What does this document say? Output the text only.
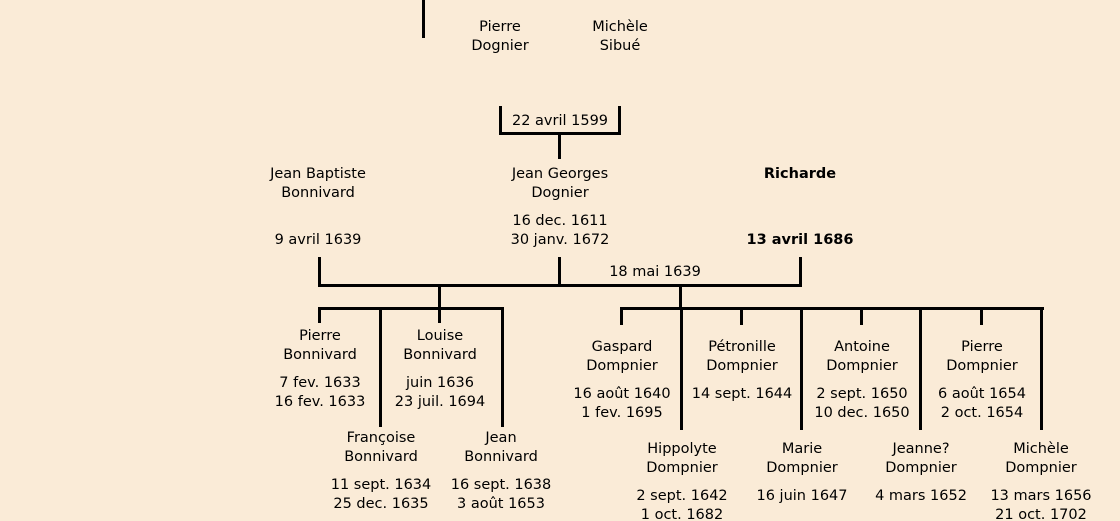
22 avril 1599
18 mai 1639
Pierre
Dognier
Michèle
Sibué
Jean Baptiste
Bonnivard
9 avril 1639
Jean Georges
Dognier
16 dec. 1611
30 janv. 1672
Richarde
13 avril 1686
Pierre
Bonnivard
7 fev. 1633
16 fev. 1633
Louise
Bonnivard
juin 1636
23 juil. 1694
Françoise
Bonnivard
11 sept. 1634
25 dec. 1635
Jean
Bonnivard
16 sept. 1638
3 août 1653
Gaspard
Dompnier
16 août 1640
1 fev. 1695
Pétronille
Dompnier
14 sept. 1644
Antoine
Dompnier
2 sept. 1650
10 dec. 1650
Pierre
Dompnier
6 août 1654
2 oct. 1654
Hippolyte
Dompnier
2 sept. 1642
1 oct. 1682
Marie
Dompnier
16 juin 1647
Jeanne?
Dompnier
4 mars 1652
Michèle
Dompnier
13 mars 1656
21 oct. 1702
